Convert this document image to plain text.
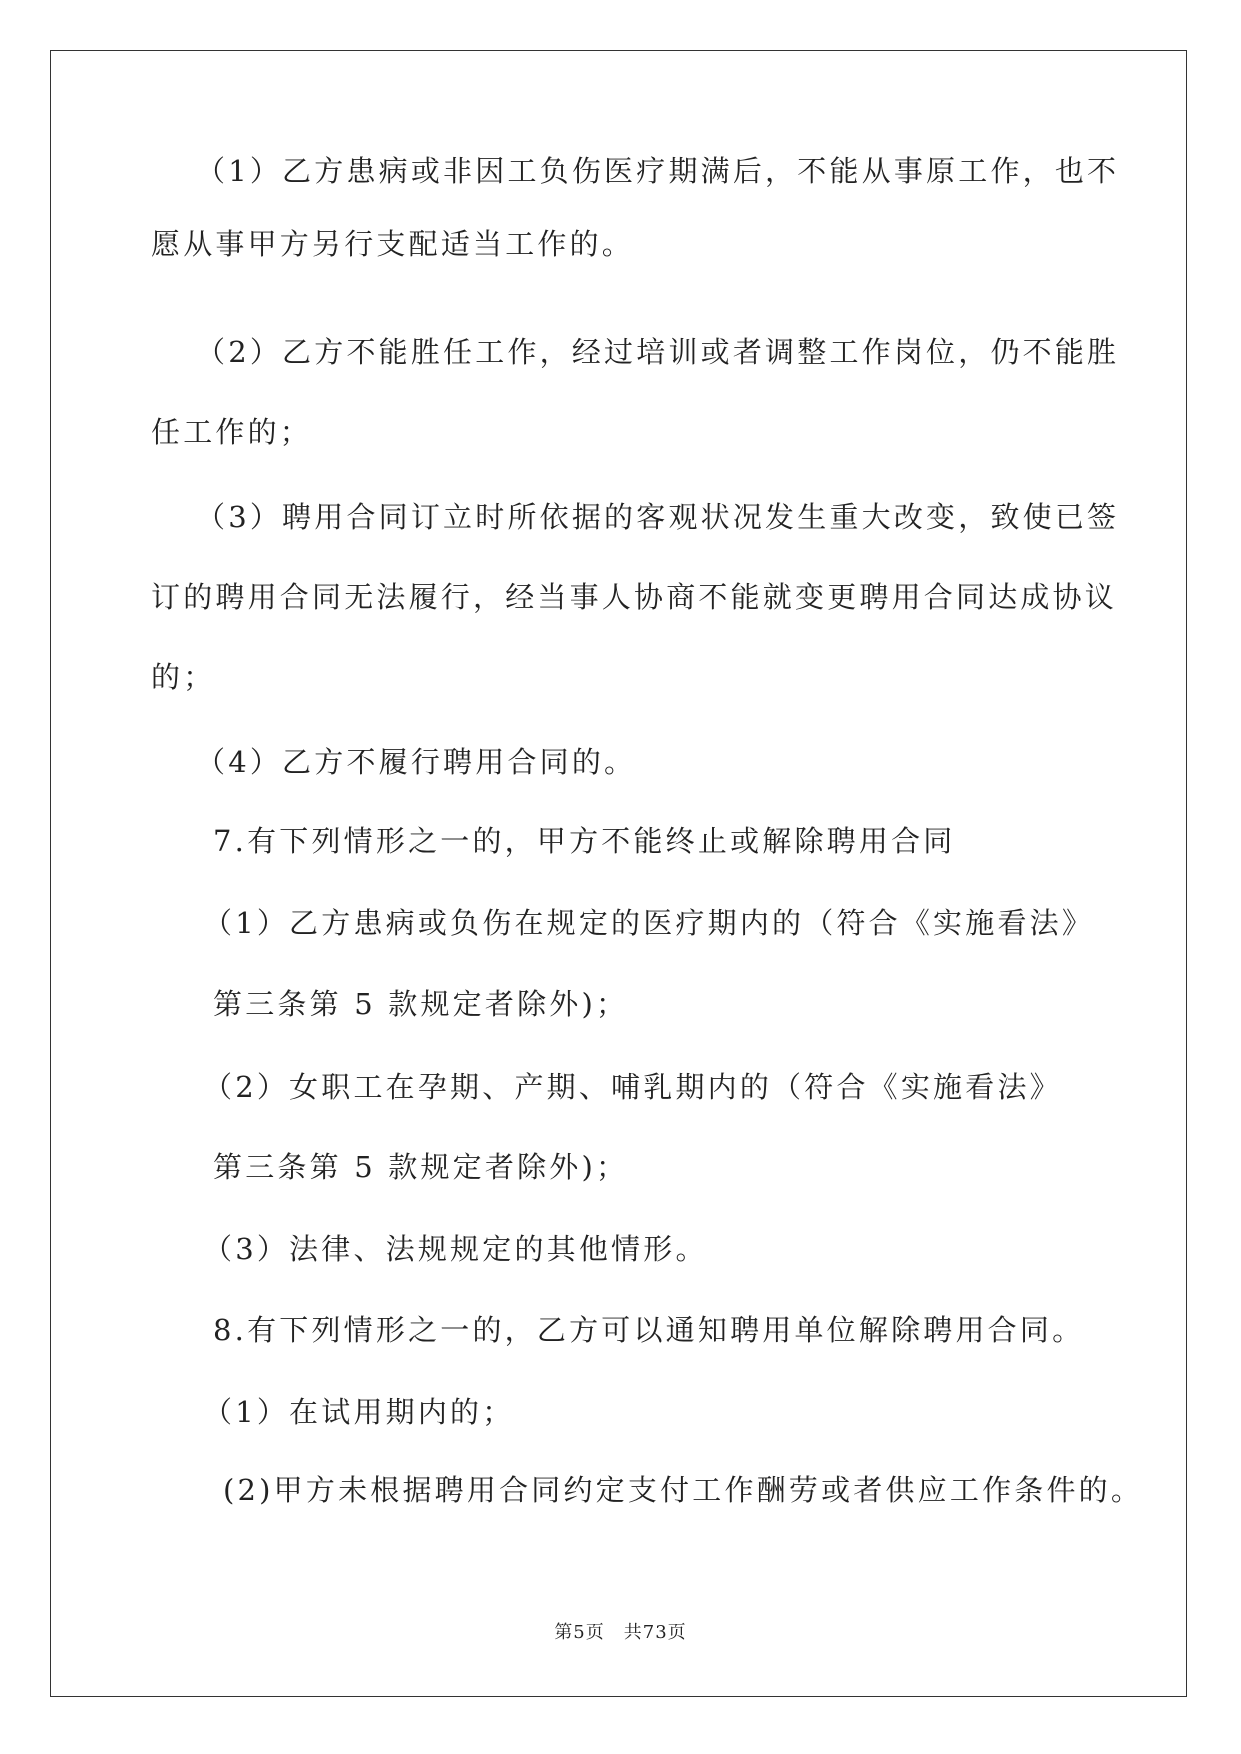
（1）乙方患病或非因工负伤医疗期满后，不能从事原工作，也不
愿从事甲方另行支配适当工作的。
（2）乙方不能胜任工作，经过培训或者调整工作岗位，仍不能胜
任工作的；
（3）聘用合同订立时所依据的客观状况发生重大改变，致使已签
订的聘用合同无法履行，经当事人协商不能就变更聘用合同达成协议
的；
（4）乙方不履行聘用合同的。
7.有下列情形之一的，甲方不能终止或解除聘用合同
（1）乙方患病或负伤在规定的医疗期内的（符合《实施看法》
第三条第 5 款规定者除外)；
（2）女职工在孕期、产期、哺乳期内的（符合《实施看法》
第三条第 5 款规定者除外)；
（3）法律、法规规定的其他情形。
8.有下列情形之一的，乙方可以通知聘用单位解除聘用合同。
（1）在试用期内的；
(2)甲方未根据聘用合同约定支付工作酬劳或者供应工作条件的。
第5页　共73页
